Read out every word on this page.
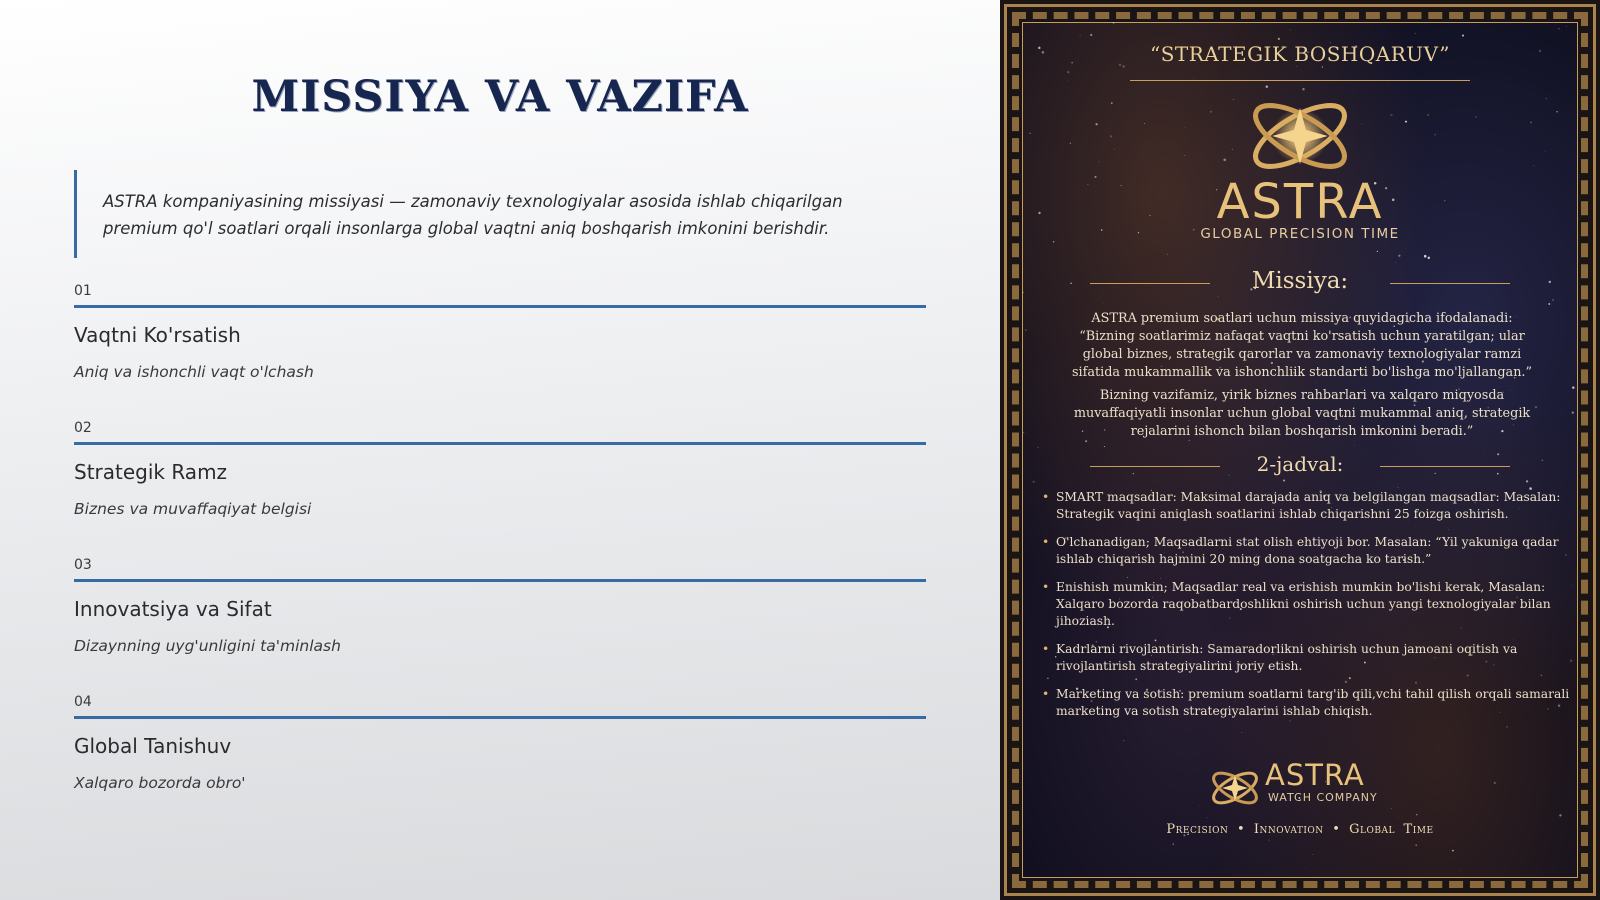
MISSIYA VA VAZIFA

ASTRA kompaniyasining missiyasi — zamonaviy texnologiyalar asosida ishlab chiqarilgan premium qo'l soatlari orqali insonlarga global vaqtni aniq boshqarish imkonini berishdir.

01
Vaqtni Ko'rsatish
Aniq va ishonchli vaqt o'lchash
02
Strategik Ramz
Biznes va muvaffaqiyat belgisi
03
Innovatsiya va Sifat
Dizaynning uyg'unligini ta'minlash
04
Global Tanishuv
Xalqaro bozorda obro'
“STRATEGIK BOSHQARUV”
ASTRA
GLOBAL PRECISION TIME
Missiya:
ASTRA premium soatlari uchun missiya quyidagicha ifodalanadi: “Bizning soatlarimiz nafaqat vaqtni ko'rsatish uchun yaratilgan; ular global biznes, strategik qarorlar va zamonaviy texnologiyalar ramzi sifatida mukammallik va ishonchliik standarti bo'lishga mo'ljallangan.”
Bizning vazifamiz, yirik biznes rahbarlari va xalqaro miqyosda muvaffaqiyatli insonlar uchun global vaqtni mukammal aniq, strategik rejalarini ishonch bilan boshqarish imkonini beradi.”
2-jadval:
• SMART maqsadlar: Maksimal darajada aniq va belgilangan maqsadlar: Masalan: Strategik vaqini aniqlash soatlarini ishlab chiqarishni 25 foizga oshirish.
• O'lchanadigan; Maqsadlarni stat olish ehtiyoji bor. Masalan: “Yil yakuniga qadar ishlab chiqarish hajmini 20 ming dona soatgacha ko tarish.”
• Enishish mumkin; Maqsadlar real va erishish mumkin bo'lishi kerak, Masalan: Xalqaro bozorda raqobatbardoshlikni oshirish uchun yangi texnologiyalar bilan jihoziash.
• Kadrlarni rivojlantirish: Samaradorlikni oshirish uchun jamoani oqitish va rivojlantirish strategiyalirini joriy etish.
• Marketing va sotish: premium soatlarni targ'ib qili,vchi tahil qilish orqali samarali marketing va sotish strategiyalarini ishlab chiqish.
ASTRA
WATCH COMPANY
Precision • Innovation • Global Time
